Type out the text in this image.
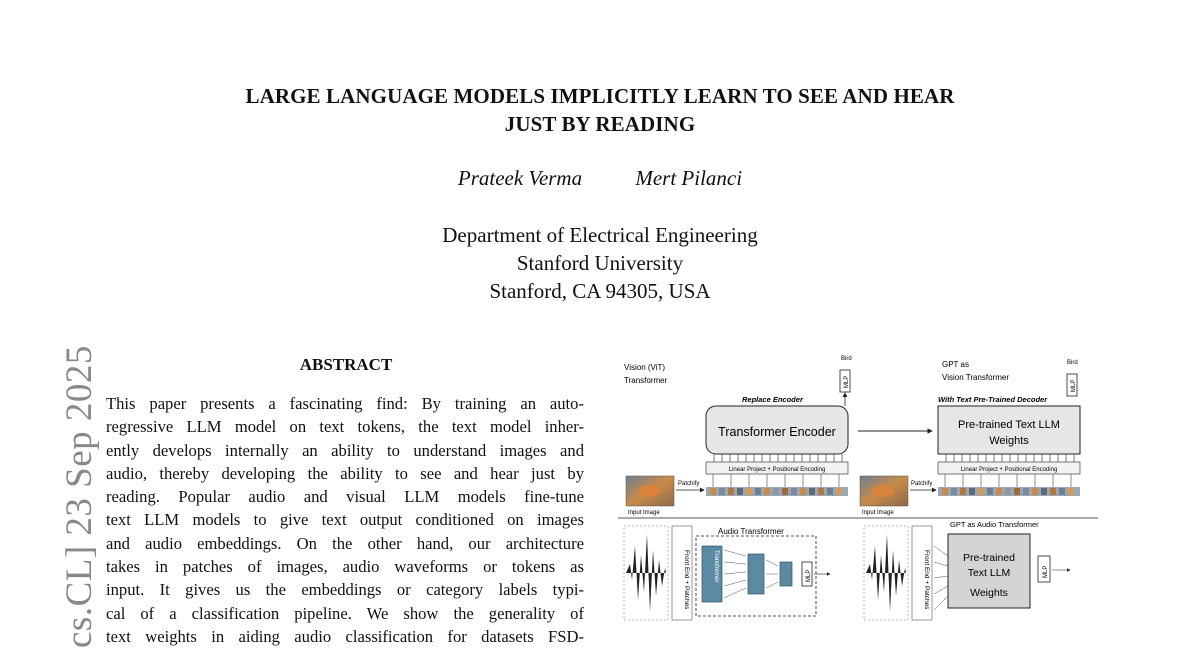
LARGE LANGUAGE MODELS IMPLICITLY LEARN TO SEE AND HEAR
JUST BY READING
Prateek Verma	Mert Pilanci
Department of Electrical Engineering
Stanford University
Stanford, CA 94305, USA
cs.CL] 23 Sep 2025	ABSTRACT
This paper presents a fascinating find: By training an auto-
regressive LLM model on text tokens, the text model inher-
ently develops internally an ability to understand images and
audio, thereby developing the ability to see and hear just by
reading. Popular audio and visual LLM models fine-tune
text LLM models to give text output conditioned on images
and audio embeddings. On the other hand, our architecture
takes in patches of images, audio waveforms or tokens as
input. It gives us the embeddings or category labels typi-
cal of a classification pipeline. We show the generality of
text weights in aiding audio classification for datasets FSD-
Vision (ViT)
Transformer
Bird
MLP
Replace Encoder
Transformer Encoder
Linear Project + Positional Encoding
Input Image
Patchify
GPT as
Vision Transformer
Bird
MLP
With Text Pre-Trained Decoder
Pre-trained Text LLM
Weights
Linear Project + Positional Encoding
Input Image
Patchify
Front End + Patches
Audio Transformer
Transformer	MLP
GPT as Audio Transformer
Front End + Patches	Pre-trained
Text LLM
Weights
MLP
